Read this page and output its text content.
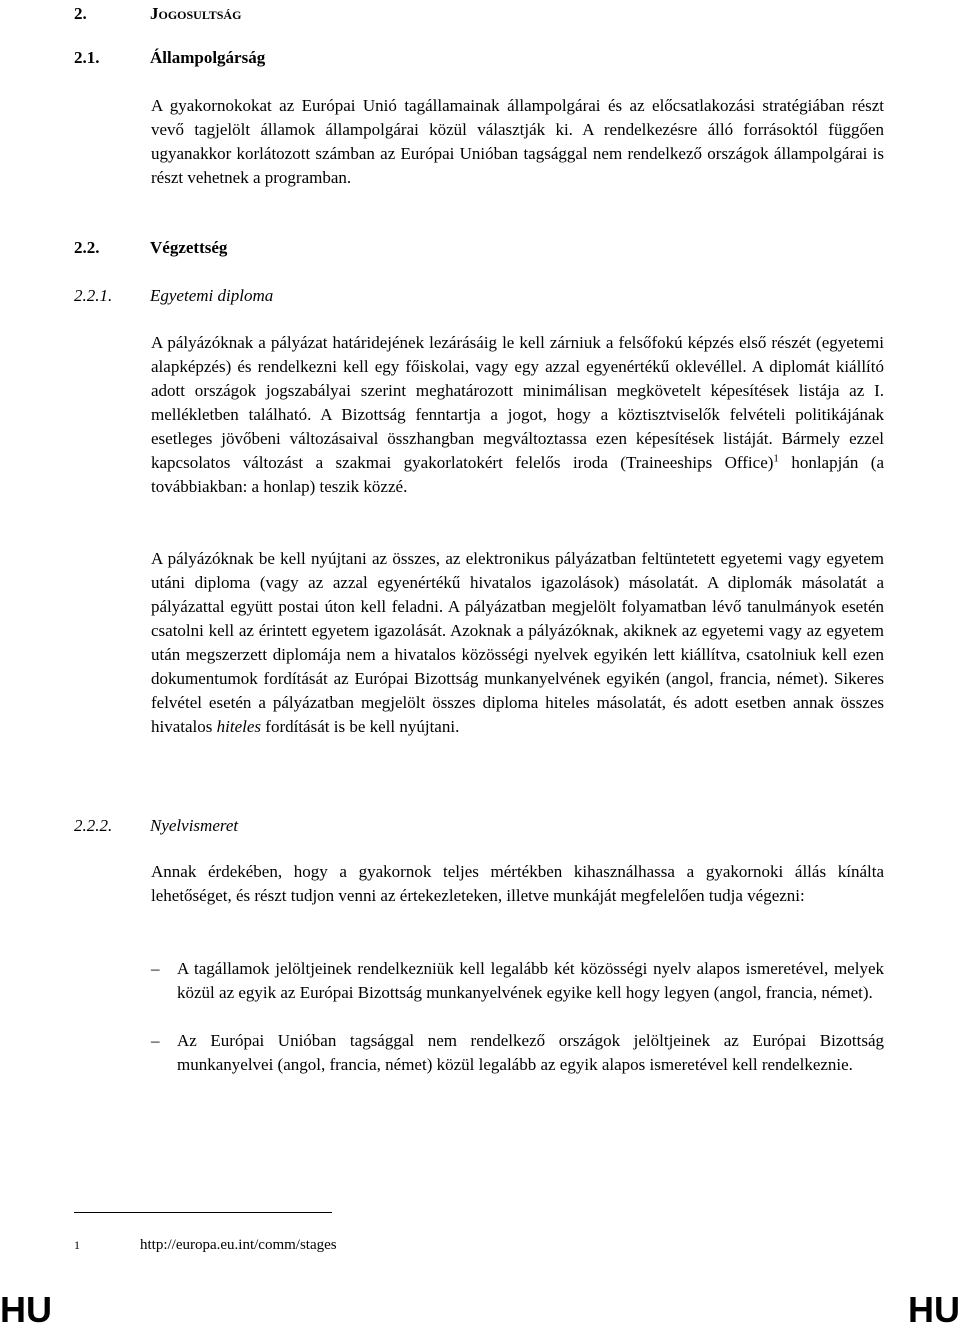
2.	Jogosultság
2.1.	Állampolgárság

A gyakornokokat az Európai Unió tagállamainak állampolgárai és az előcsatlakozási stratégiában részt vevő tagjelölt államok állampolgárai közül választják ki. A rendelkezésre álló forrásoktól függően ugyanakkor korlátozott számban az Európai Unióban tagsággal nem rendelkező országok állampolgárai is részt vehetnek a programban.

2.2.	Végzettség
2.2.1. Egyetemi diploma

A pályázóknak a pályázat határidejének lezárásáig le kell zárniuk a felsőfokú képzés első részét (egyetemi alapképzés) és rendelkezni kell egy főiskolai, vagy egy azzal egyenértékű oklevéllel. A diplomát kiállító adott országok jogszabályai szerint meghatározott minimálisan megkövetelt képesítések listája az I. mellékletben található. A Bizottság fenntartja a jogot, hogy a köztisztviselők felvételi politikájának esetleges jövőbeni változásaival összhangban megváltoztassa ezen képesítések listáját. Bármely ezzel kapcsolatos változást a szakmai gyakorlatokért felelős iroda (Traineeships Office)$^1$ honlapján (a továbbiakban: a honlap) teszik közzé.

A pályázóknak be kell nyújtani az összes, az elektronikus pályázatban feltüntetett egyetemi vagy egyetem utáni diploma (vagy az azzal egyenértékű hivatalos igazolások) másolatát. A diplomák másolatát a pályázattal együtt postai úton kell feladni. A pályázatban megjelölt folyamatban lévő tanulmányok esetén csatolni kell az érintett egyetem igazolását. Azoknak a pályázóknak, akiknek az egyetemi vagy az egyetem után megszerzett diplomája nem a hivatalos közösségi nyelvek egyikén lett kiállítva, csatolniuk kell ezen dokumentumok fordítását az Európai Bizottság munkanyelvének egyikén (angol, francia, német). Sikeres felvétel esetén a pályázatban megjelölt összes diploma hiteles másolatát, és adott esetben annak összes hivatalos hiteles fordítását is be kell nyújtani.

2.2.2. Nyelvismeret

Annak érdekében, hogy a gyakornok teljes mértékben kihasználhassa a gyakornoki állás kínálta lehetőséget, és részt tudjon venni az értekezleteken, illetve munkáját megfelelően tudja végezni:

– A tagállamok jelöltjeinek rendelkezniük kell legalább két közösségi nyelv alapos ismeretével, melyek közül az egyik az Európai Bizottság munkanyelvének egyike kell hogy legyen (angol, francia, német).
– Az Európai Unióban tagsággal nem rendelkező országok jelöltjeinek az Európai Bizottság munkanyelvei (angol, francia, német) közül legalább az egyik alapos ismeretével kell rendelkeznie.
1	http://europa.eu.int/comm/stages
HU	HU
